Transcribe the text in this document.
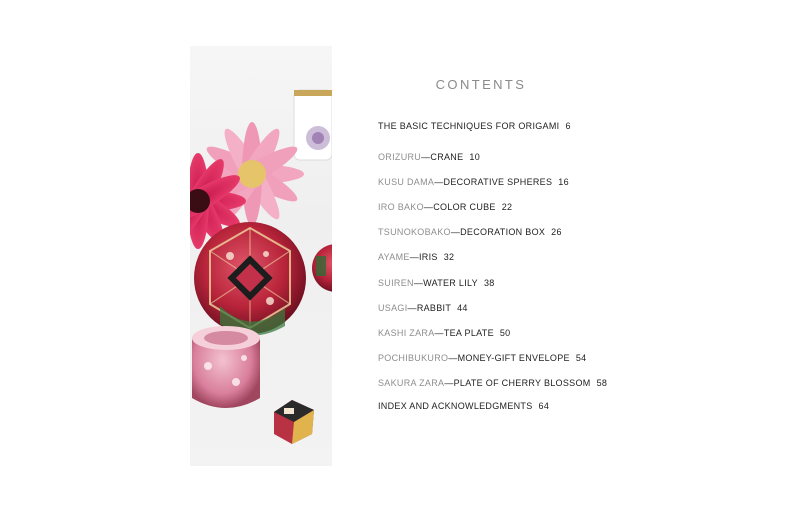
CONTENTS
THE BASIC TECHNIQUES FOR ORIGAMI 6
ORIZURU—CRANE 10
KUSU DAMA—DECORATIVE SPHERES 16
IRO BAKO—COLOR CUBE 22
TSUNOKOBAKO—DECORATION BOX 26
AYAME—IRIS 32
SUIREN—WATER LILY 38
USAGI—RABBIT 44
KASHI ZARA—TEA PLATE 50
POCHIBUKURO—MONEY-GIFT ENVELOPE 54
SAKURA ZARA—PLATE OF CHERRY BLOSSOM 58
INDEX AND ACKNOWLEDGMENTS 64
